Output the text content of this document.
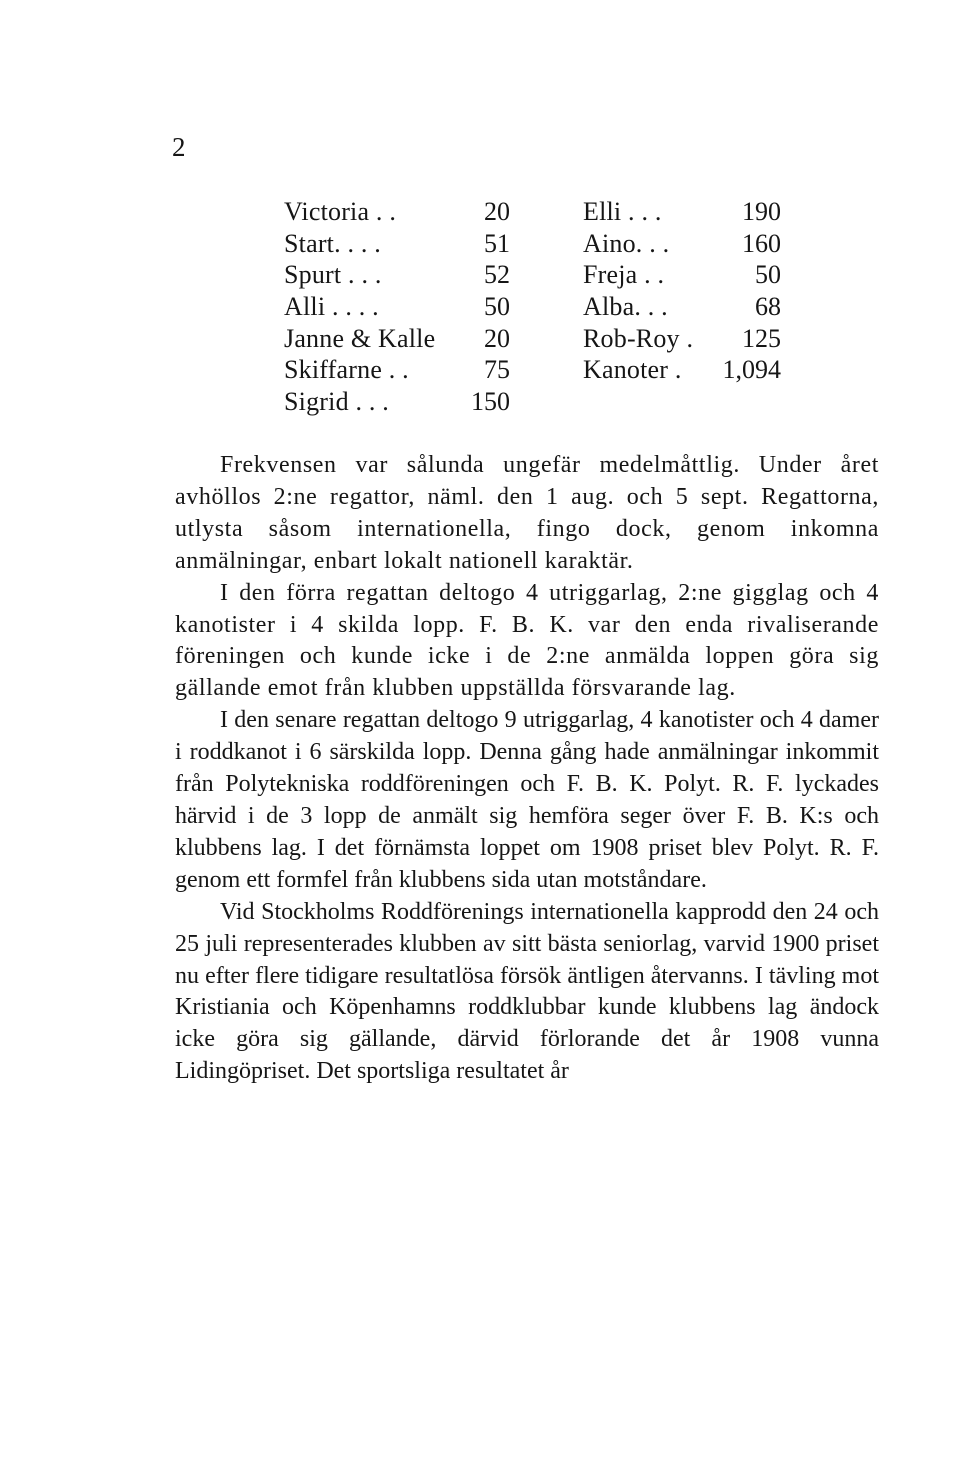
2
Victoria . .	20
Start. . . .	51
Spurt . . .	52
Alli . . . .	50
Janne & Kalle 20
Skiffarne . .	75
Sigrid . . .	150
Elli . . .	190
Aino. . .	160
Freja . .	50
Alba. . .	68
Rob-Roy . 125
Kanoter . 1,094

Frekvensen var sålunda ungefär medelmåttlig. Under året avhöllos 2:ne regattor, näml. den 1 aug. och 5 sept. Regattorna, utlysta såsom internationella, fingo dock, genom inkomna anmälningar, enbart lokalt nationell karaktär.

I den förra regattan deltogo 4 utriggarlag, 2:ne gigglag och 4 kanotister i 4 skilda lopp. F. B. K. var den enda rivaliserande föreningen och kunde icke i de 2:ne anmälda loppen göra sig gällande emot från klubben uppställda försvarande lag.

I den senare regattan deltogo 9 utriggarlag, 4 kanotister och 4 damer i roddkanot i 6 särskilda lopp. Denna gång hade anmälningar inkommit från Polytekniska roddföreningen och F. B. K. Polyt. R. F. lyckades härvid i de 3 lopp de anmält sig hemföra seger över F. B. K:s och klubbens lag. I det förnämsta loppet om 1908 priset blev Polyt. R. F. genom ett formfel från klubbens sida utan motståndare.

Vid Stockholms Roddförenings internationella kapprodd den 24 och 25 juli representerades klubben av sitt bästa seniorlag, varvid 1900 priset nu efter flere tidigare resultatlösa försök äntligen återvanns. I tävling mot Kristiania och Köpenhamns roddklubbar kunde klubbens lag ändock icke göra sig gällande, därvid förlorande det år 1908 vunna Lidingöpriset. Det sportsliga resultatet år
